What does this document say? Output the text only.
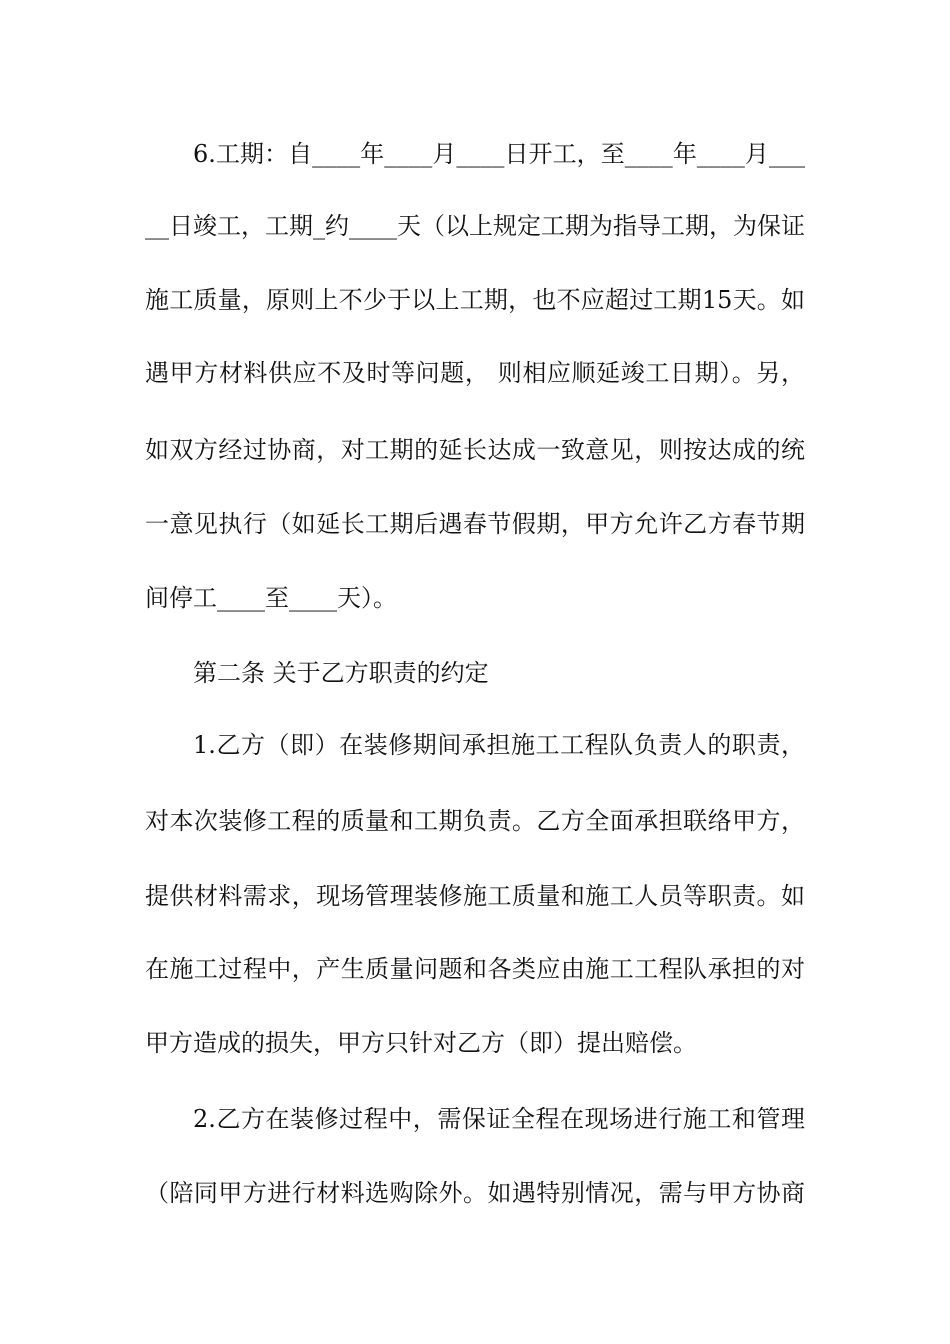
6.工期：自____年____月____日开工，至____年____月___
__日竣工，工期_约____天（以上规定工期为指导工期，为保证
施工质量，原则上不少于以上工期，也不应超过工期15天。如
遇甲方材料供应不及时等问题， 则相应顺延竣工日期）。另，
如双方经过协商，对工期的延长达成一致意见，则按达成的统
一意见执行（如延长工期后遇春节假期，甲方允许乙方春节期
间停工____至____天）。
第二条 关于乙方职责的约定
1.乙方（即）在装修期间承担施工工程队负责人的职责，
对本次装修工程的质量和工期负责。乙方全面承担联络甲方，
提供材料需求，现场管理装修施工质量和施工人员等职责。如
在施工过程中，产生质量问题和各类应由施工工程队承担的对
甲方造成的损失，甲方只针对乙方（即）提出赔偿。
2.乙方在装修过程中，需保证全程在现场进行施工和管理
（陪同甲方进行材料选购除外。如遇特别情况，需与甲方协商
